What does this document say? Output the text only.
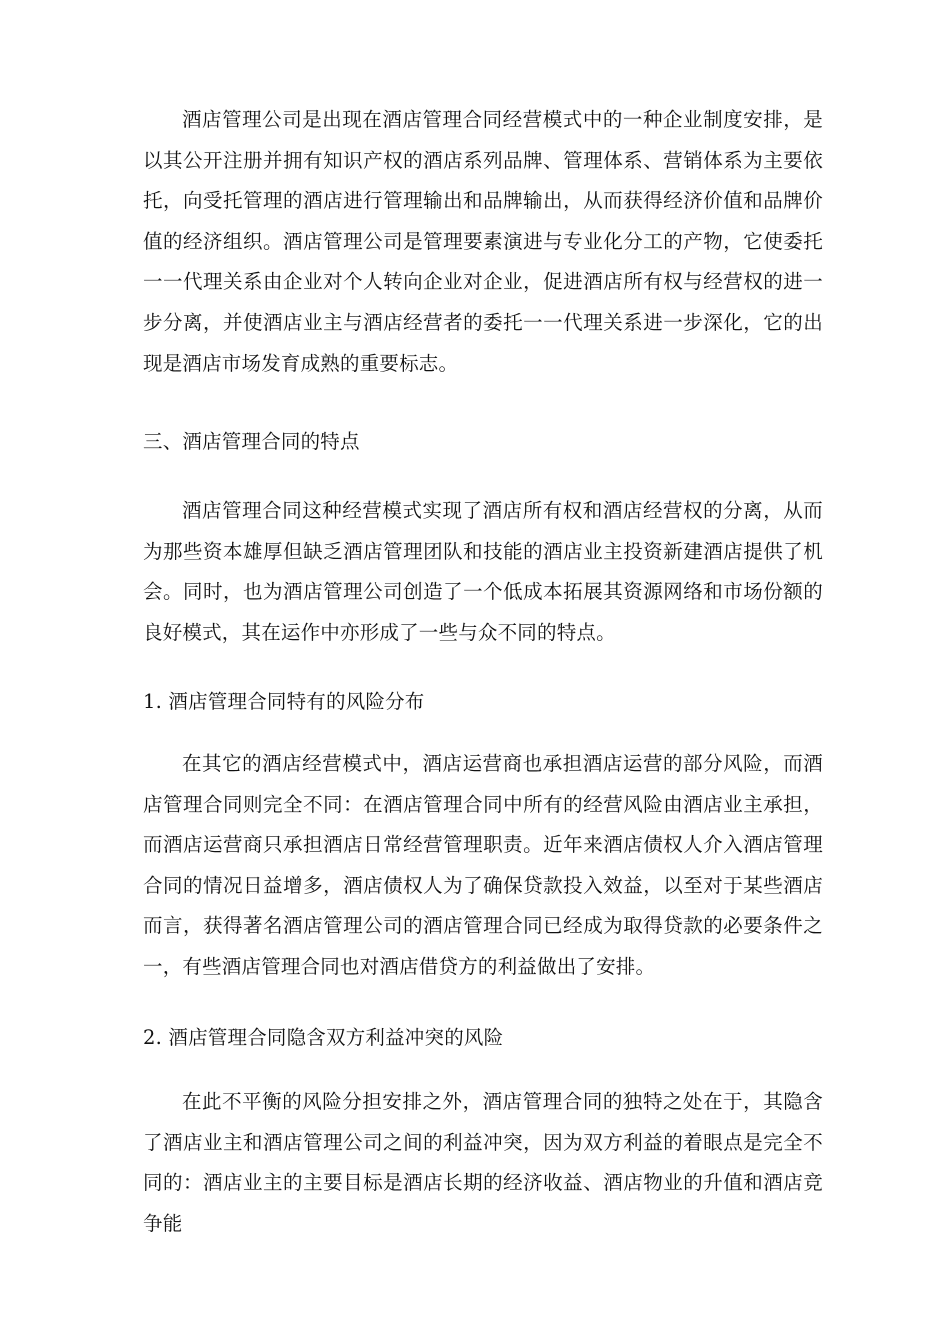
酒店管理公司是出现在酒店管理合同经营模式中的一种企业制度安排，是以其公开注册并拥有知识产权的酒店系列品牌、管理体系、营销体系为主要依托，向受托管理的酒店进行管理输出和品牌输出，从而获得经济价值和品牌价值的经济组织。酒店管理公司是管理要素演进与专业化分工的产物，它使委托一一代理关系由企业对个人转向企业对企业，促进酒店所有权与经营权的进一步分离，并使酒店业主与酒店经营者的委托一一代理关系进一步深化，它的出现是酒店市场发育成熟的重要标志。

三、酒店管理合同的特点

酒店管理合同这种经营模式实现了酒店所有权和酒店经营权的分离，从而为那些资本雄厚但缺乏酒店管理团队和技能的酒店业主投资新建酒店提供了机会。同时，也为酒店管理公司创造了一个低成本拓展其资源网络和市场份额的良好模式，其在运作中亦形成了一些与众不同的特点。

1. 酒店管理合同特有的风险分布

在其它的酒店经营模式中，酒店运营商也承担酒店运营的部分风险，而酒店管理合同则完全不同：在酒店管理合同中所有的经营风险由酒店业主承担，而酒店运营商只承担酒店日常经营管理职责。近年来酒店债权人介入酒店管理合同的情况日益增多，酒店债权人为了确保贷款投入效益，以至对于某些酒店而言，获得著名酒店管理公司的酒店管理合同已经成为取得贷款的必要条件之一，有些酒店管理合同也对酒店借贷方的利益做出了安排。

2. 酒店管理合同隐含双方利益冲突的风险

在此不平衡的风险分担安排之外，酒店管理合同的独特之处在于，其隐含了酒店业主和酒店管理公司之间的利益冲突，因为双方利益的着眼点是完全不同的：酒店业主的主要目标是酒店长期的经济收益、酒店物业的升值和酒店竞争能
